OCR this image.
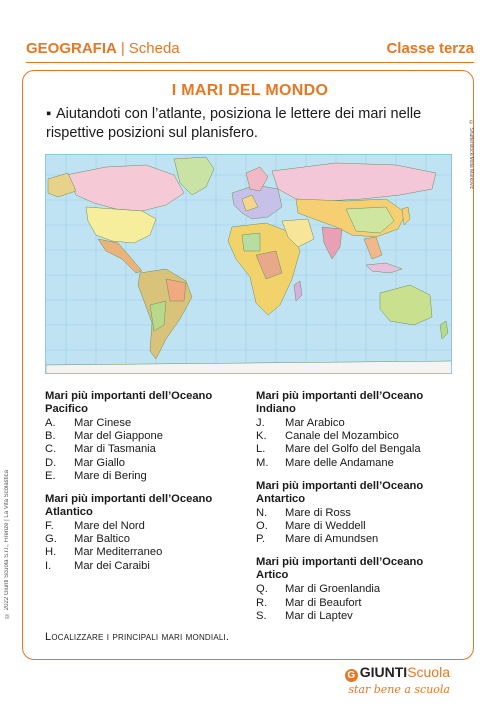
GEOGRAFIA | Scheda	Classe terza
I MARI DEL MONDO
▪ Aiutandoti con l’atlante, posiziona le lettere dei mari nelle rispettive posizioni sul planisfero.	© Shutterstock/Mota Markovic
© 2022 Giunti Scuola S.r.l., Firenze | La Vita Scolastica
Mari più importanti dell’Oceano Pacifico
A.	Mar Cinese
B.	Mar del Giappone
C.	Mar di Tasmania
D.	Mar Giallo
E.	Mare di Bering
Mari più importanti dell’Oceano Atlantico
F.	Mare del Nord
G.	Mar Baltico
H.	Mar Mediterraneo
I.	Mar dei Caraibi
Mari più importanti dell’Oceano Indiano
J.	Mar Arabico
K.	Canale del Mozambico
L.	Mare del Golfo del Bengala
M.	Mare delle Andamane
Mari più importanti dell’Oceano Antartico
N.	Mare di Ross
O.	Mare di Weddell
P.	Mare di Amundsen
Mari più importanti dell’Oceano Artico
Q.	Mar di Groenlandia
R.	Mar di Beaufort
S.	Mar di Laptev
Localizzare i principali mari mondiali.
G GIUNTIScuola
star bene a scuola
